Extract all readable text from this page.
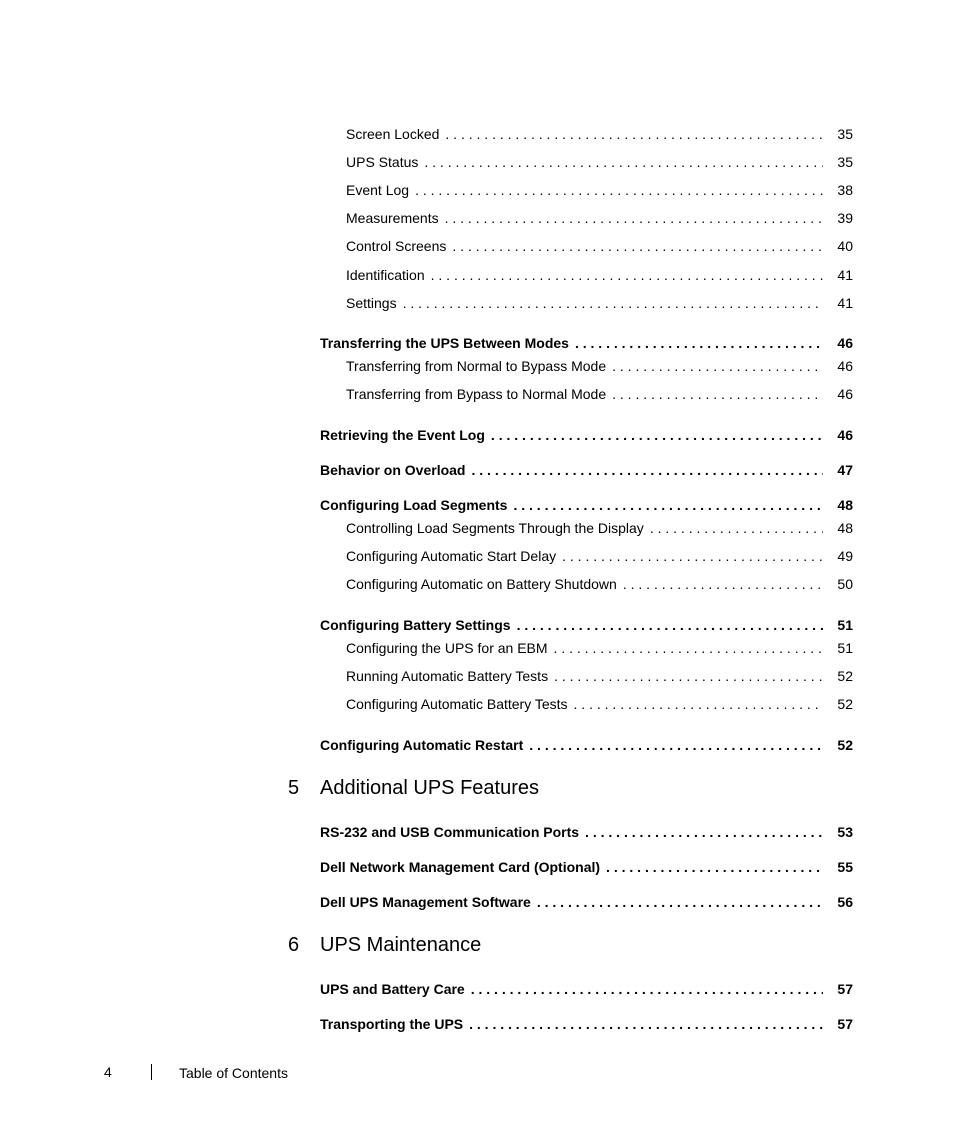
Screen Locked . . .	35
UPS Status . . .	35
Event Log . . .	38
Measurements . . .	39
Control Screens . . .	40
Identification . . .	41
Settings . . .	41
Transferring the UPS Between Modes . . .	46
Transferring from Normal to Bypass Mode . . .	46
Transferring from Bypass to Normal Mode . . .	46
Retrieving the Event Log . . .	46
Behavior on Overload . . .	47
Configuring Load Segments . . .	48
Controlling Load Segments Through the Display . . .	48
Configuring Automatic Start Delay . . .	49
Configuring Automatic on Battery Shutdown . . .	50
Configuring Battery Settings . . .	51
Configuring the UPS for an EBM . . .	51
Running Automatic Battery Tests . . .	52
Configuring Automatic Battery Tests . . .	52
Configuring Automatic Restart . . .	52
5 Additional UPS Features
RS-232 and USB Communication Ports . . .	53
Dell Network Management Card (Optional) . . .	55
Dell UPS Management Software . . .	56
6 UPS Maintenance
UPS and Battery Care . . .	57
Transporting the UPS . . .	57
4	Table of Contents
